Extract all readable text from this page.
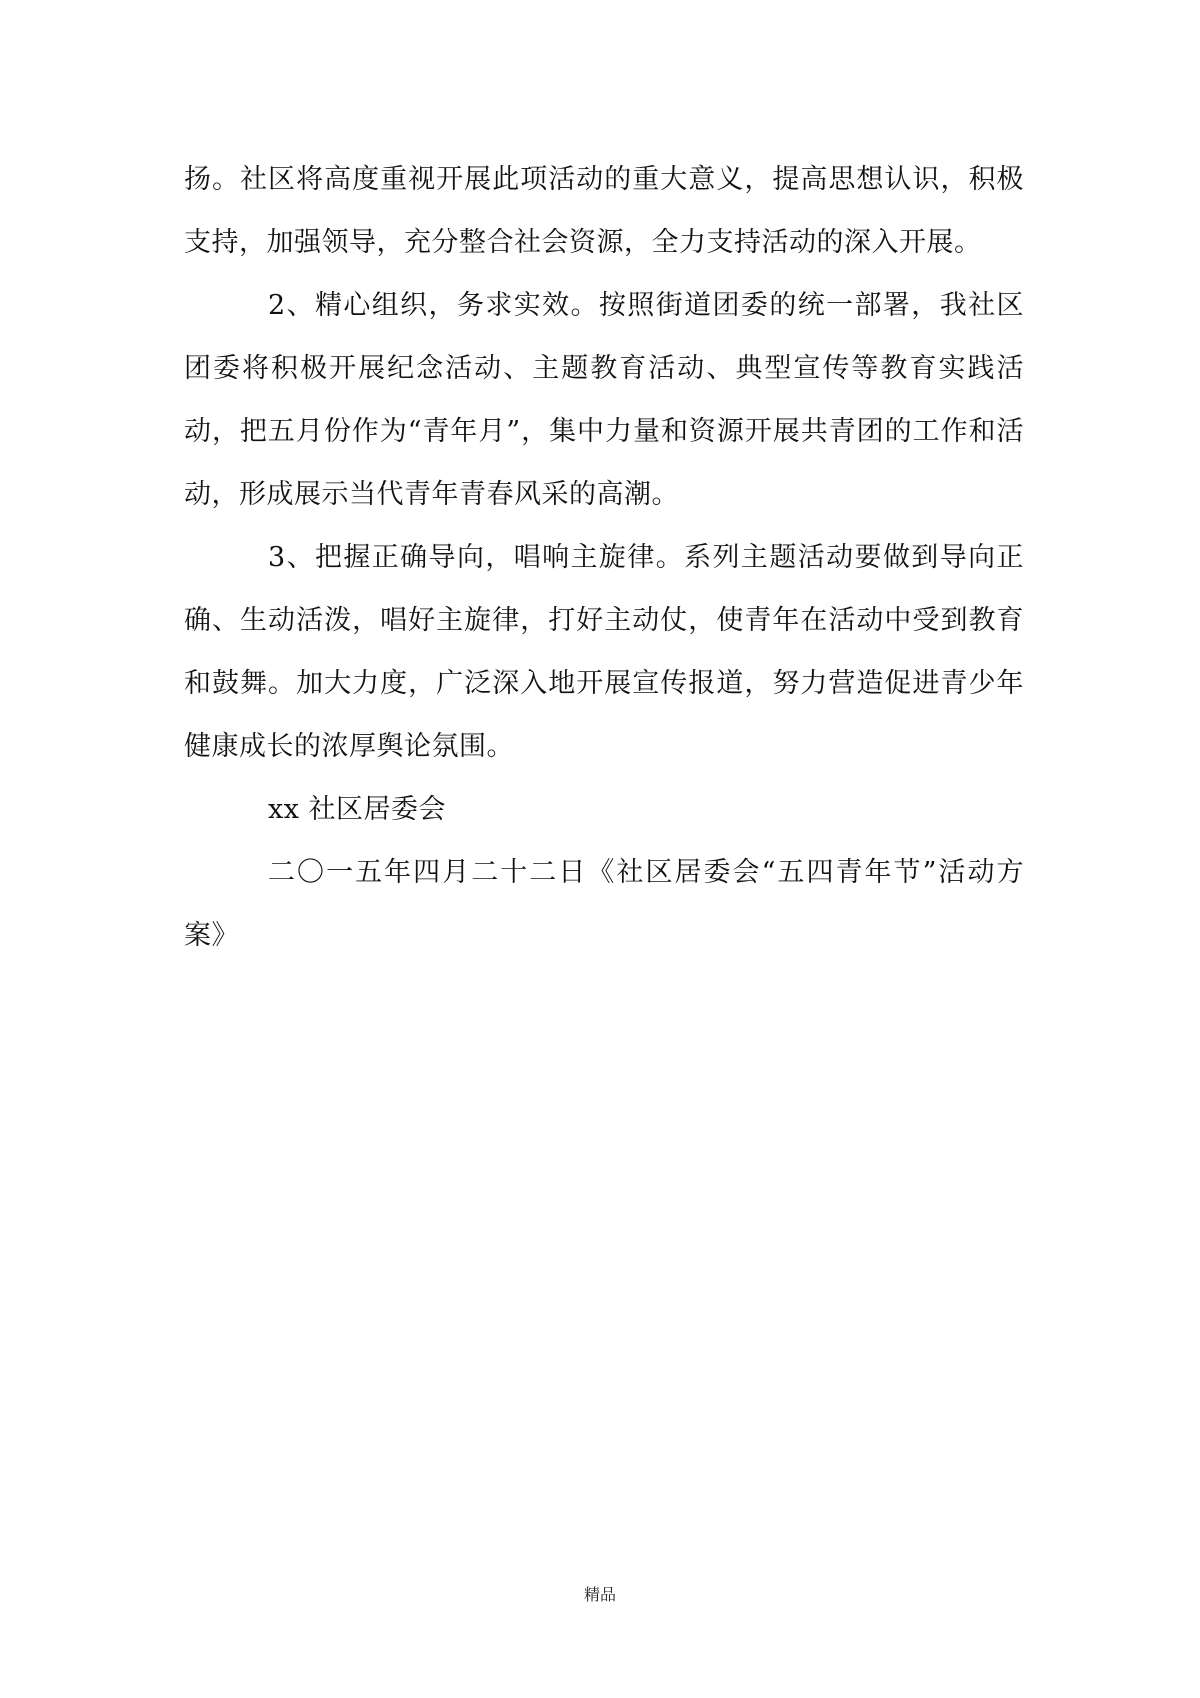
扬。社区将高度重视开展此项活动的重大意义，提高思想认识，积极支持，加强领导，充分整合社会资源，全力支持活动的深入开展。

2、精心组织，务求实效。按照街道团委的统一部署，我社区团委将积极开展纪念活动、主题教育活动、典型宣传等教育实践活动，把五月份作为“青年月”，集中力量和资源开展共青团的工作和活动，形成展示当代青年青春风采的高潮。

3、把握正确导向，唱响主旋律。系列主题活动要做到导向正确、生动活泼，唱好主旋律，打好主动仗，使青年在活动中受到教育和鼓舞。加大力度，广泛深入地开展宣传报道，努力营造促进青少年健康成长的浓厚舆论氛围。

xx 社区居委会

二〇一五年四月二十二日《社区居委会“五四青年节”活动方案》

精品
